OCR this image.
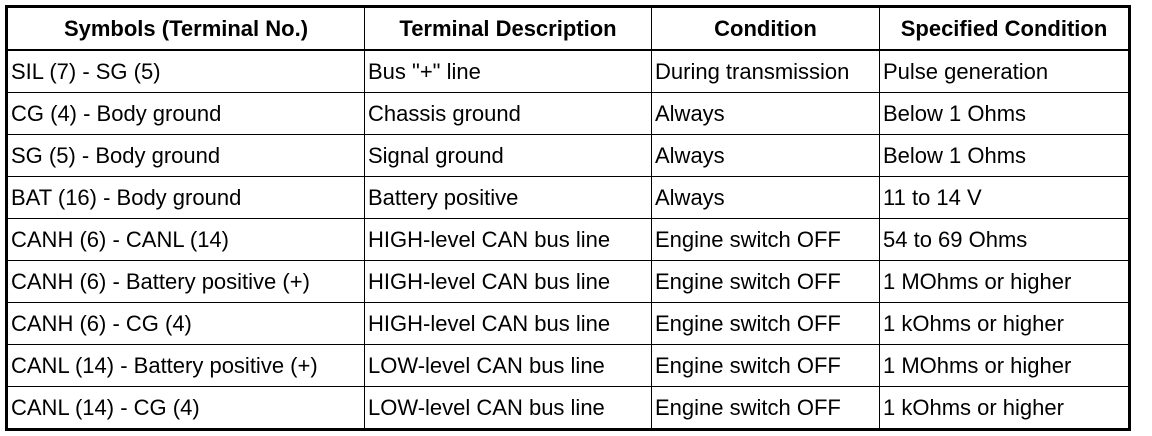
Symbols (Terminal No.)	Terminal Description	Condition	Specified Condition
SIL (7) - SG (5)	Bus "+" line	During transmission	Pulse generation
CG (4) - Body ground	Chassis ground	Always	Below 1 Ohms
SG (5) - Body ground	Signal ground	Always	Below 1 Ohms
BAT (16) - Body ground	Battery positive	Always	11 to 14 V
CANH (6) - CANL (14)	HIGH-level CAN bus line	Engine switch OFF	54 to 69 Ohms
CANH (6) - Battery positive (+)	HIGH-level CAN bus line	Engine switch OFF	1 MOhms or higher
CANH (6) - CG (4)	HIGH-level CAN bus line	Engine switch OFF	1 kOhms or higher
CANL (14) - Battery positive (+)	LOW-level CAN bus line	Engine switch OFF	1 MOhms or higher
CANL (14) - CG (4)	LOW-level CAN bus line	Engine switch OFF	1 kOhms or higher
